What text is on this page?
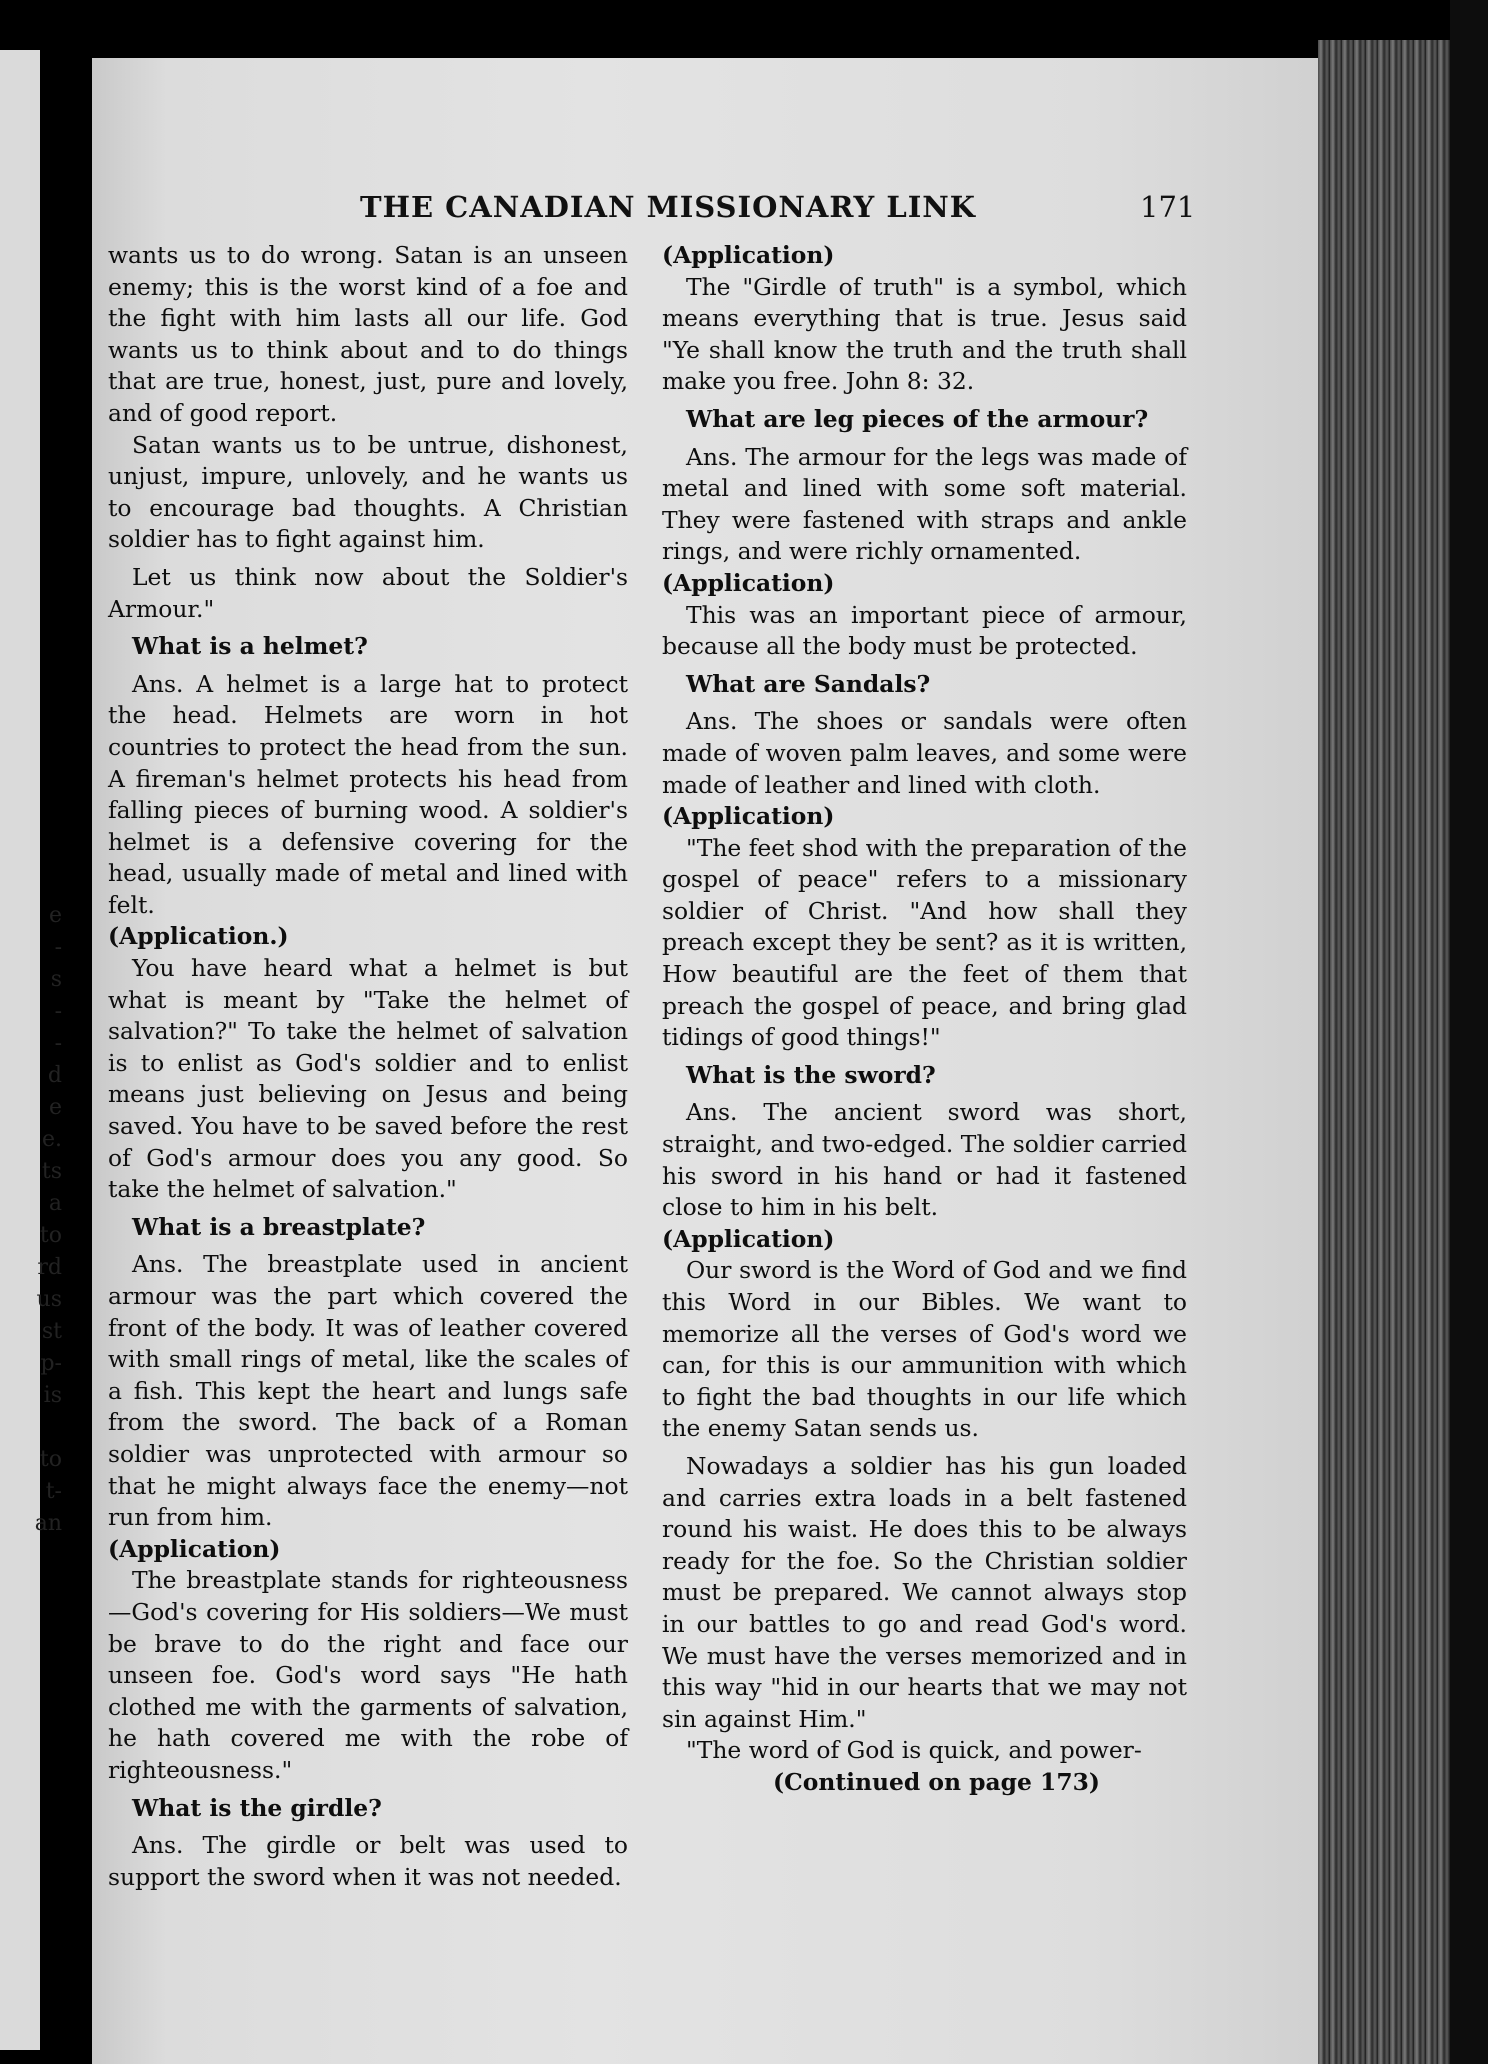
e
-
s
-
-
d
e
e.
ts
a
to
rd
us
st
p-
is

to
t-
an
THE CANADIAN MISSIONARY LINK	171

wants us to do wrong. Satan is an unseen enemy; this is the worst kind of a foe and the fight with him lasts all our life. God wants us to think about and to do things that are true, honest, just, pure and lovely, and of good report.

Satan wants us to be untrue, dishonest, unjust, impure, unlovely, and he wants us to encourage bad thoughts. A Christian soldier has to fight against him.

Let us think now about the Soldier's Armour."

What is a helmet?

Ans. A helmet is a large hat to protect the head. Helmets are worn in hot countries to protect the head from the sun. A fireman's helmet protects his head from falling pieces of burning wood. A soldier's helmet is a defensive covering for the head, usually made of metal and lined with felt.

(Application.)

You have heard what a helmet is but what is meant by "Take the helmet of salvation?" To take the helmet of salvation is to enlist as God's soldier and to enlist means just believing on Jesus and being saved. You have to be saved before the rest of God's armour does you any good. So take the helmet of salvation."

What is a breastplate?

Ans. The breastplate used in ancient armour was the part which covered the front of the body. It was of leather covered with small rings of metal, like the scales of a fish. This kept the heart and lungs safe from the sword. The back of a Roman soldier was unprotected with armour so that he might always face the enemy—not run from him.

(Application)

The breastplate stands for righteousness—God's covering for His soldiers—We must be brave to do the right and face our unseen foe. God's word says "He hath clothed me with the garments of salvation, he hath covered me with the robe of righteousness."

What is the girdle?

Ans. The girdle or belt was used to support the sword when it was not needed.

(Application)

The "Girdle of truth" is a symbol, which means everything that is true. Jesus said "Ye shall know the truth and the truth shall make you free. John 8: 32.

What are leg pieces of the armour?

Ans. The armour for the legs was made of metal and lined with some soft material. They were fastened with straps and ankle rings, and were richly ornamented.

(Application)

This was an important piece of armour, because all the body must be protected.

What are Sandals?

Ans. The shoes or sandals were often made of woven palm leaves, and some were made of leather and lined with cloth.

(Application)

"The feet shod with the preparation of the gospel of peace" refers to a missionary soldier of Christ. "And how shall they preach except they be sent? as it is written, How beautiful are the feet of them that preach the gospel of peace, and bring glad tidings of good things!"

What is the sword?

Ans. The ancient sword was short, straight, and two-edged. The soldier carried his sword in his hand or had it fastened close to him in his belt.

(Application)

Our sword is the Word of God and we find this Word in our Bibles. We want to memorize all the verses of God's word we can, for this is our ammunition with which to fight the bad thoughts in our life which the enemy Satan sends us.

Nowadays a soldier has his gun loaded and carries extra loads in a belt fastened round his waist. He does this to be always ready for the foe. So the Christian soldier must be prepared. We cannot always stop in our battles to go and read God's word. We must have the verses memorized and in this way "hid in our hearts that we may not sin against Him."

"The word of God is quick, and power-

(Continued on page 173)
